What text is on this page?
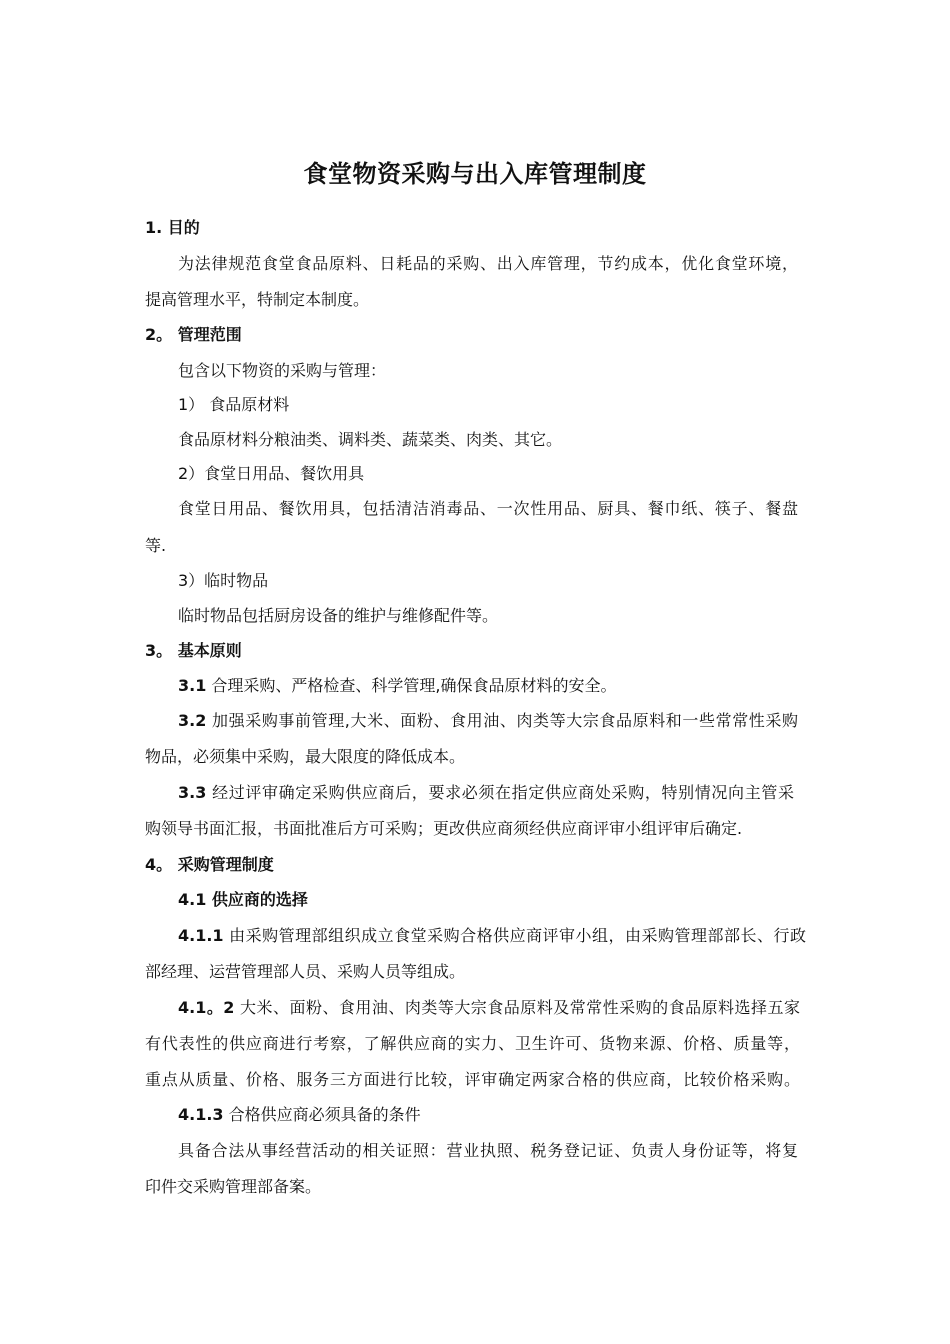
食堂物资采购与出入库管理制度
1. 目的
为法律规范食堂食品原料、日耗品的采购、出入库管理，节约成本，优化食堂环境，
提高管理水平，特制定本制度。
2。 管理范围
包含以下物资的采购与管理：
1） 食品原材料
食品原材料分粮油类、调料类、蔬菜类、肉类、其它。
2）食堂日用品、餐饮用具
食堂日用品、餐饮用具，包括清洁消毒品、一次性用品、厨具、餐巾纸、筷子、餐盘
等.
3）临时物品
临时物品包括厨房设备的维护与维修配件等。
3。 基本原则
3.1 合理采购、严格检查、科学管理,确保食品原材料的安全。
3.2 加强采购事前管理,大米、面粉、食用油、肉类等大宗食品原料和一些常常性采购
物品，必须集中采购，最大限度的降低成本。
3.3 经过评审确定采购供应商后，要求必须在指定供应商处采购，特别情况向主管采
购领导书面汇报，书面批准后方可采购；更改供应商须经供应商评审小组评审后确定.
4。 采购管理制度
4.1 供应商的选择
4.1.1 由采购管理部组织成立食堂采购合格供应商评审小组，由采购管理部部长、行政
部经理、运营管理部人员、采购人员等组成。
4.1。2 大米、面粉、食用油、肉类等大宗食品原料及常常性采购的食品原料选择五家
有代表性的供应商进行考察，了解供应商的实力、卫生许可、货物来源、价格、质量等，
重点从质量、价格、服务三方面进行比较，评审确定两家合格的供应商，比较价格采购。
4.1.3 合格供应商必须具备的条件
具备合法从事经营活动的相关证照：营业执照、税务登记证、负责人身份证等，将复
印件交采购管理部备案。
